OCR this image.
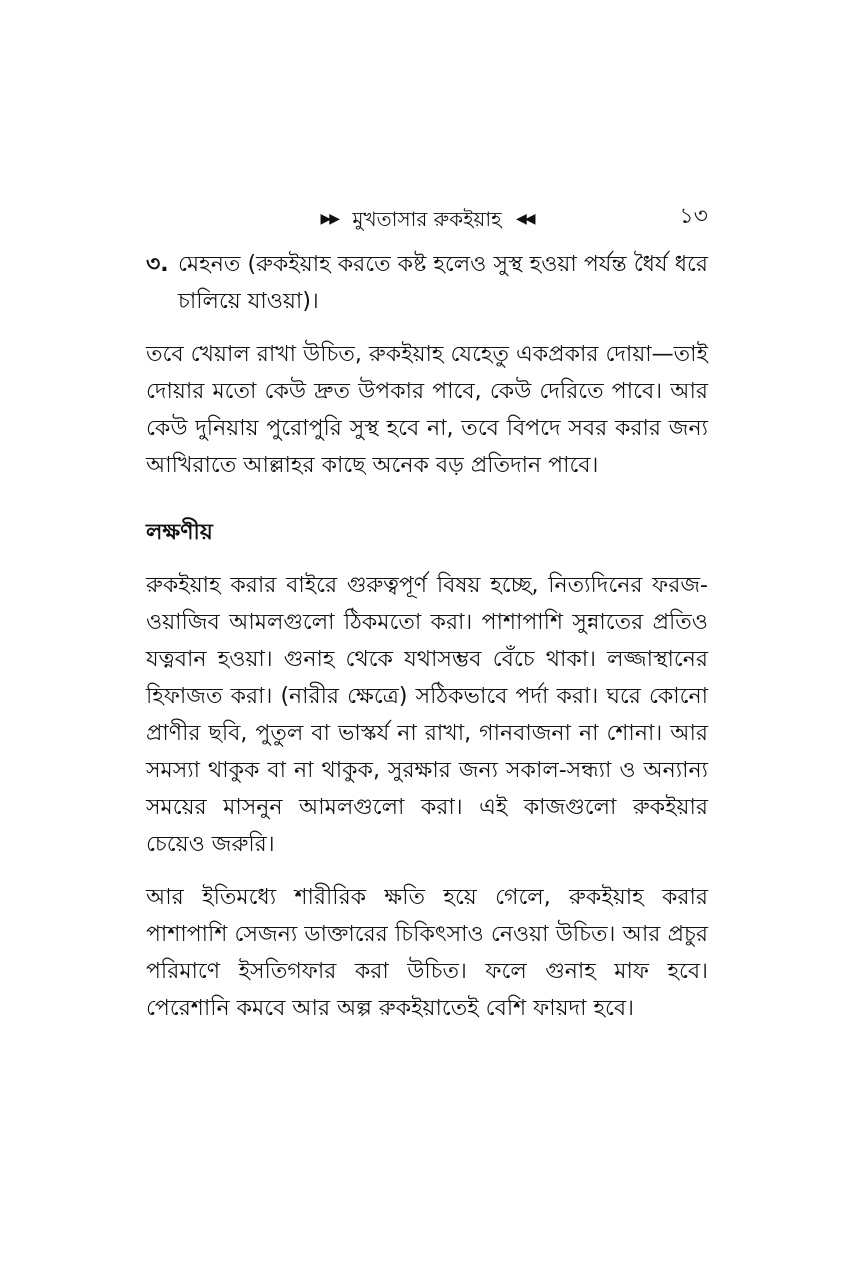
▶▶ মুখতাসার রুকইয়াহ ◀◀	১৩
৩. মেহনত (রুকইয়াহ করতে কষ্ট হলেও সুস্থ হওয়া পর্যন্ত ধৈর্য ধরে চালিয়ে যাওয়া)।

তবে খেয়াল রাখা উচিত, রুকইয়াহ যেহেতু একপ্রকার দোয়া—তাই দোয়ার মতো কেউ দ্রুত উপকার পাবে, কেউ দেরিতে পাবে। আর কেউ দুনিয়ায় পুরোপুরি সুস্থ হবে না, তবে বিপদে সবর করার জন্য আখিরাতে আল্লাহর কাছে অনেক বড় প্রতিদান পাবে।

লক্ষণীয়

রুকইয়াহ করার বাইরে গুরুত্বপূর্ণ বিষয় হচ্ছে, নিত্যদিনের ফরজ-ওয়াজিব আমলগুলো ঠিকমতো করা। পাশাপাশি সুন্নাতের প্রতিও যত্নবান হওয়া। গুনাহ থেকে যথাসম্ভব বেঁচে থাকা। লজ্জাস্থানের হিফাজত করা। (নারীর ক্ষেত্রে) সঠিকভাবে পর্দা করা। ঘরে কোনো প্রাণীর ছবি, পুতুল বা ভাস্কর্য না রাখা, গানবাজনা না শোনা। আর সমস্যা থাকুক বা না থাকুক, সুরক্ষার জন্য সকাল-সন্ধ্যা ও অন্যান্য সময়ের মাসনুন আমলগুলো করা। এই কাজগুলো রুকইয়ার চেয়েও জরুরি।

আর ইতিমধ্যে শারীরিক ক্ষতি হয়ে গেলে, রুকইয়াহ করার পাশাপাশি সেজন্য ডাক্তারের চিকিৎসাও নেওয়া উচিত। আর প্রচুর পরিমাণে ইসতিগফার করা উচিত। ফলে গুনাহ মাফ হবে। পেরেশানি কমবে আর অল্প রুকইয়াতেই বেশি ফায়দা হবে।
